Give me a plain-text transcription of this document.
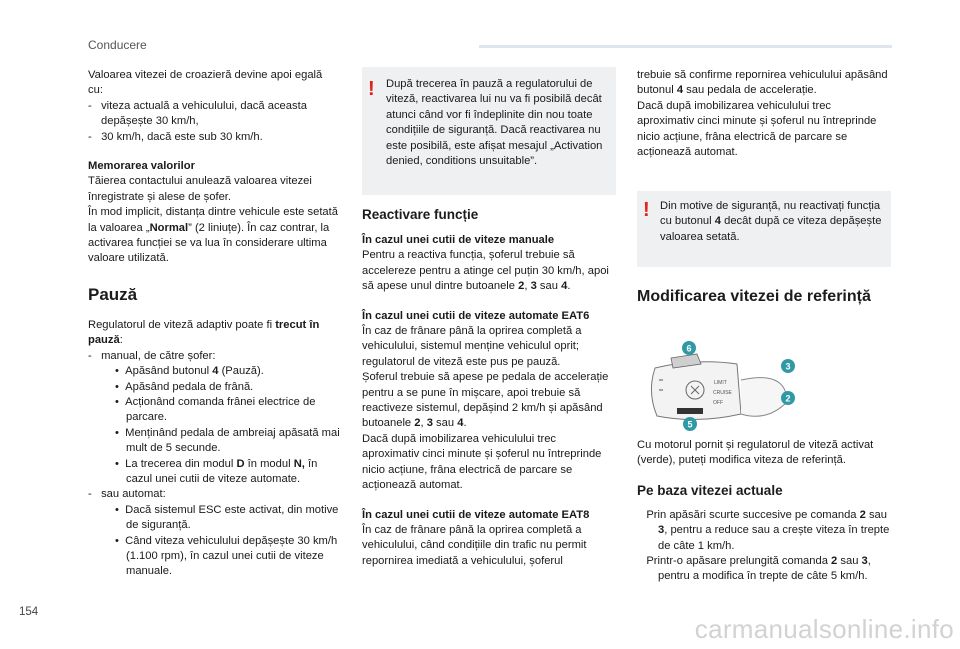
Conducere

Valoarea vitezei de croazieră devine apoi egală cu:

- viteza actuală a vehiculului, dacă aceasta depășește 30 km/h,

- 30 km/h, dacă este sub 30 km/h.

Memorarea valorilor

Tăierea contactului anulează valoarea vitezei înregistrate și alese de șofer.

În mod implicit, distanța dintre vehicule este setată la valoarea „Normal” (2 liniuțe). În caz contrar, la activarea funcției se va lua în considerare ultima valoare utilizată.

Pauză

Regulatorul de viteză adaptiv poate fi trecut în pauză:

- manual, de către șofer:

• Apăsând butonul 4 (Pauză).

• Apăsând pedala de frână.

• Acționând comanda frânei electrice de parcare.

• Menținând pedala de ambreiaj apăsată mai mult de 5 secunde.

• La trecerea din modul D în modul N, în cazul unei cutii de viteze automate.

- sau automat:

• Dacă sistemul ESC este activat, din motive de siguranță.

• Când viteza vehiculului depășește 30 km/h (1.100 rpm), în cazul unei cutii de viteze manuale.

! După trecerea în pauză a regulatorului de viteză, reactivarea lui nu va fi posibilă decât atunci când vor fi îndeplinite din nou toate condițiile de siguranță. Dacă reactivarea nu este posibilă, este afișat mesajul „Activation denied, conditions unsuitable”.
Reactivare funcție

În cazul unei cutii de viteze manuale

Pentru a reactiva funcția, șoferul trebuie să accelereze pentru a atinge cel puțin 30 km/h, apoi să apese unul dintre butoanele 2, 3 sau 4.

În cazul unei cutii de viteze automate EAT6

În caz de frânare până la oprirea completă a vehiculului, sistemul menține vehiculul oprit; regulatorul de viteză este pus pe pauză.

Șoferul trebuie să apese pe pedala de accelerație pentru a se pune în mișcare, apoi trebuie să reactiveze sistemul, depășind 2 km/h și apăsând butoanele 2, 3 sau 4.

Dacă după imobilizarea vehiculului trec aproximativ cinci minute și șoferul nu întreprinde nicio acțiune, frâna electrică de parcare se acționează automat.

În cazul unei cutii de viteze automate EAT8

În caz de frânare până la oprirea completă a vehiculului, când condițiile din trafic nu permit repornirea imediată a vehiculului, șoferul

trebuie să confirme repornirea vehiculului apăsând butonul 4 sau pedala de accelerație.

Dacă după imobilizarea vehiculului trec aproximativ cinci minute și șoferul nu întreprinde nicio acțiune, frâna electrică de parcare se acționează automat.

! Din motive de siguranță, nu reactivați funcția cu butonul 4 decât după ce viteza depășește valoarea setată.
Modificarea vitezei de referință
LIMIT
CRUISE
OFF
6
3
2
5

Cu motorul pornit și regulatorul de viteză activat (verde), puteți modifica viteza de referință.

Pe baza vitezei actuale

Prin apăsări scurte succesive pe comanda 2 sau 3, pentru a reduce sau a crește viteza în trepte de câte 1 km/h.

Printr-o apăsare prelungită comanda 2 sau 3, pentru a modifica în trepte de câte 5 km/h.

154
carmanualsonline.info
